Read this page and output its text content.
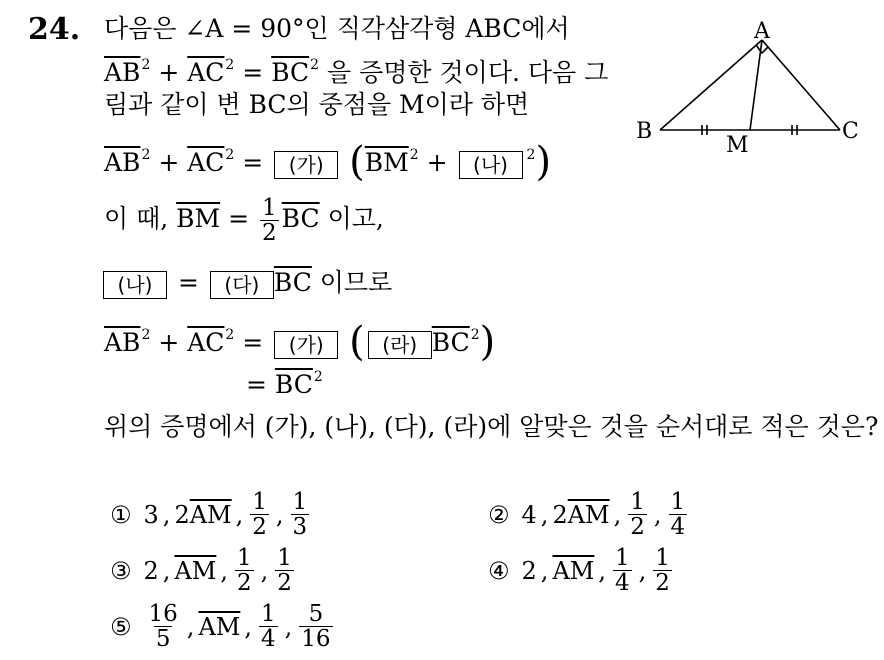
24. 다음은 ∠A = 90°인 직각삼각형 ABC에서
$\overline{AB}^2 + \overline{AC}^2 = \overline{BC}^2$ 을 증명한 것이다. 다음 그
림과 같이 변 BC의 중점을 M이라 하면
$\overline{AB}^2 + \overline{AC}^2$ = (가) ($\overline{BM}^2$ + (나) $^2$)
이 때, $\overline{BM} = \frac{1}{2} \overline{BC}$ 이고,
(나) = (다) $\overline{BC}$ 이므로
$\overline{AB}^2 + \overline{AC}^2$ = (가) ( (라) $\overline{BC}^2$)
= $\overline{BC}^2$
위의 증명에서 (가), (나), (다), (라)에 알맞은 것을 순서대로 적은 것은?
① 3 , 2 $\overline{AM}$ , $\frac{1}{2}$ , $\frac{1}{3}$	② 4 , 2 $\overline{AM}$ , $\frac{1}{2}$ , $\frac{1}{4}$
③ 2 , $\overline{AM}$ , $\frac{1}{2}$ , $\frac{1}{2}$	④ 2 , $\overline{AM}$ , $\frac{1}{4}$ , $\frac{1}{2}$
⑤ $\frac{16}{5}$ , $\overline{AM}$ , $\frac{1}{4}$ , $\frac{5}{16}$
A
B	C
M
